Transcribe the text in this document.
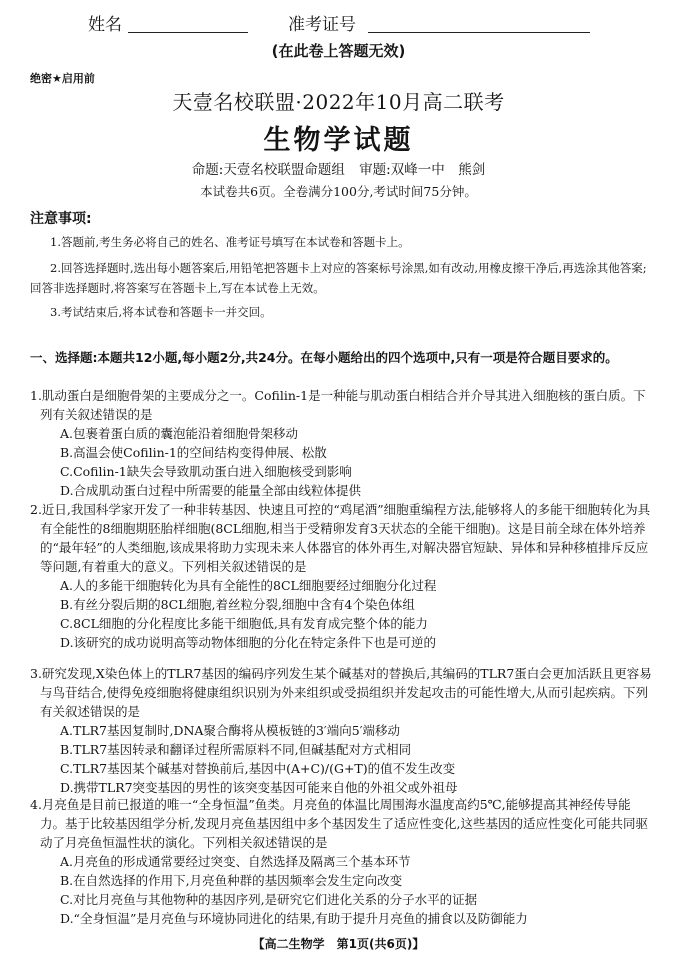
姓名	准考证号
(在此卷上答题无效)
绝密★启用前
天壹名校联盟·2022年10月高二联考
生物学试题
命题:天壹名校联盟命题组 审题:双峰一中　熊剑
本试卷共6页。全卷满分100分,考试时间75分钟。
注意事项:
1.答题前,考生务必将自己的姓名、准考证号填写在本试卷和答题卡上。
2.回答选择题时,选出每小题答案后,用铅笔把答题卡上对应的答案标号涂黑,如有改动,用橡皮擦干净后,再选涂其他答案;回答非选择题时,将答案写在答题卡上,写在本试卷上无效。
3.考试结束后,将本试卷和答题卡一并交回。
一、选择题:本题共12小题,每小题2分,共24分。在每小题给出的四个选项中,只有一项是符合题目要求的。
1.肌动蛋白是细胞骨架的主要成分之一。Cofilin-1是一种能与肌动蛋白相结合并介导其进入细胞核的蛋白质。下列有关叙述错误的是
A.包裹着蛋白质的囊泡能沿着细胞骨架移动
B.高温会使Cofilin-1的空间结构变得伸展、松散
C.Cofilin-1缺失会导致肌动蛋白进入细胞核受到影响
D.合成肌动蛋白过程中所需要的能量全部由线粒体提供
2.近日,我国科学家开发了一种非转基因、快速且可控的“鸡尾酒”细胞重编程方法,能够将人的多能干细胞转化为具有全能性的8细胞期胚胎样细胞(8CL细胞,相当于受精卵发育3天状态的全能干细胞)。这是目前全球在体外培养的“最年轻”的人类细胞,该成果将助力实现未来人体器官的体外再生,对解决器官短缺、异体和异种移植排斥反应等问题,有着重大的意义。下列相关叙述错误的是
A.人的多能干细胞转化为具有全能性的8CL细胞要经过细胞分化过程
B.有丝分裂后期的8CL细胞,着丝粒分裂,细胞中含有4个染色体组
C.8CL细胞的分化程度比多能干细胞低,具有发育成完整个体的能力
D.该研究的成功说明高等动物体细胞的分化在特定条件下也是可逆的
3.研究发现,X染色体上的TLR7基因的编码序列发生某个碱基对的替换后,其编码的TLR7蛋白会更加活跃且更容易与鸟苷结合,使得免疫细胞将健康组织识别为外来组织或受损组织并发起攻击的可能性增大,从而引起疾病。下列有关叙述错误的是
A.TLR7基因复制时,DNA聚合酶将从模板链的3′端向5′端移动
B.TLR7基因转录和翻译过程所需原料不同,但碱基配对方式相同
C.TLR7基因某个碱基对替换前后,基因中(A+C)/(G+T)的值不发生改变
D.携带TLR7突变基因的男性的该突变基因可能来自他的外祖父或外祖母
4.月亮鱼是目前已报道的唯一“全身恒温”鱼类。月亮鱼的体温比周围海水温度高约5℃,能够提高其神经传导能力。基于比较基因组学分析,发现月亮鱼基因组中多个基因发生了适应性变化,这些基因的适应性变化可能共同驱动了月亮鱼恒温性状的演化。下列相关叙述错误的是
A.月亮鱼的形成通常要经过突变、自然选择及隔离三个基本环节
B.在自然选择的作用下,月亮鱼种群的基因频率会发生定向改变
C.对比月亮鱼与其他物种的基因序列,是研究它们进化关系的分子水平的证据
D.“全身恒温”是月亮鱼与环境协同进化的结果,有助于提升月亮鱼的捕食以及防御能力
【高二生物学　第1页(共6页)】
